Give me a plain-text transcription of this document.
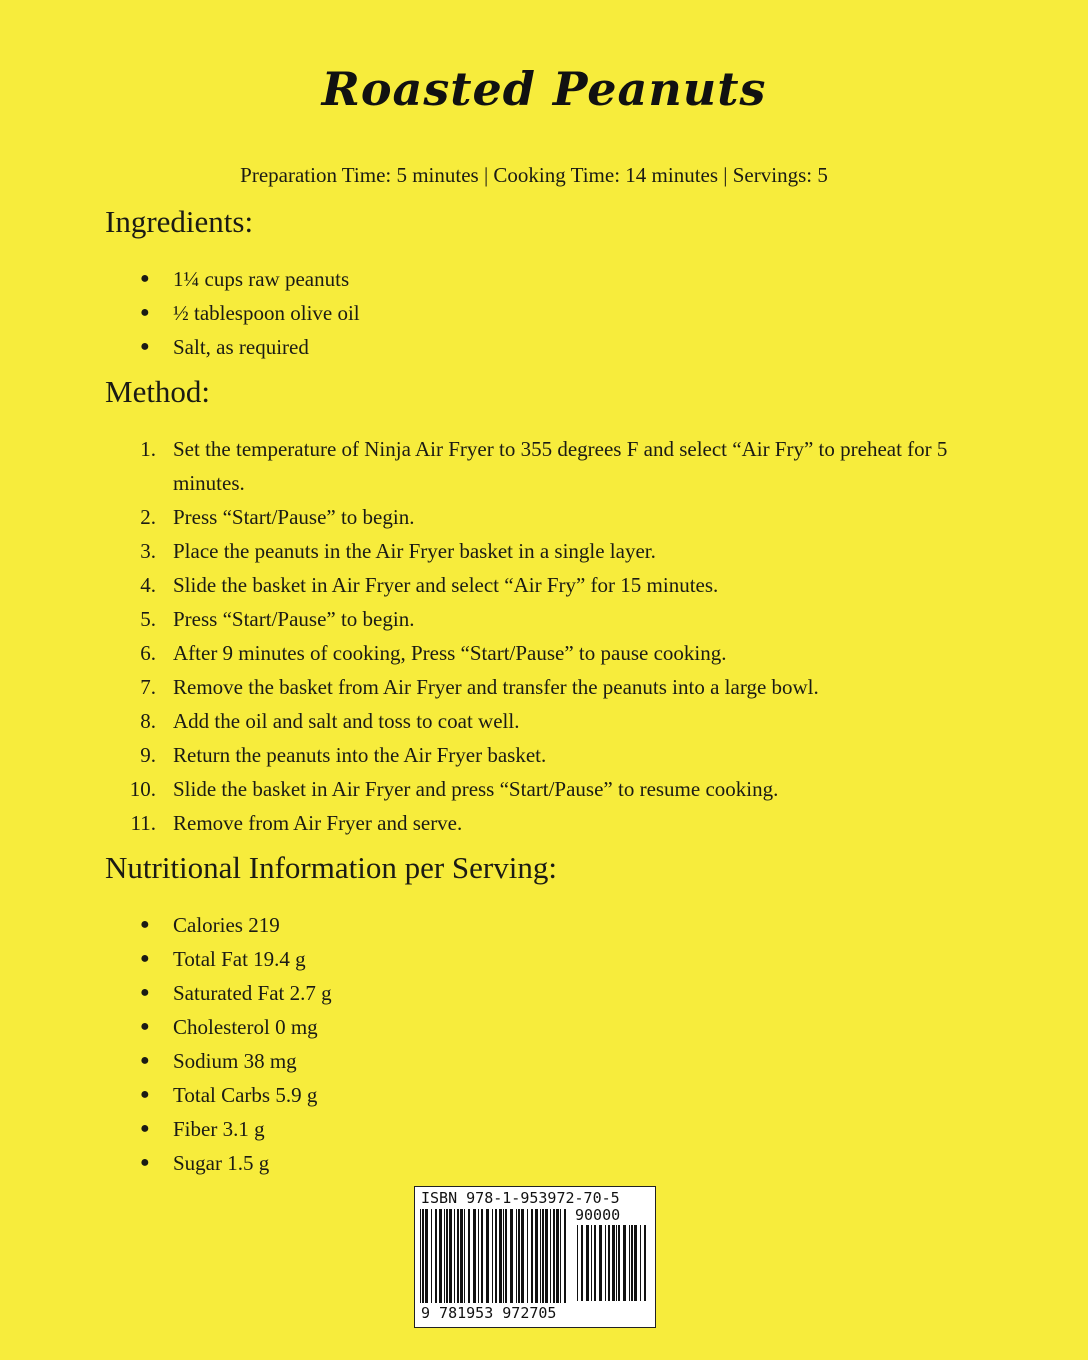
Roasted Peanuts
Preparation Time: 5 minutes | Cooking Time: 14 minutes | Servings: 5
Ingredients:
● 1¼ cups raw peanuts
● ½ tablespoon olive oil
● Salt, as required
Method:
1. Set the temperature of Ninja Air Fryer to 355 degrees F and select “Air Fry” to preheat for 5 minutes.
2. Press “Start/Pause” to begin.
3. Place the peanuts in the Air Fryer basket in a single layer.
4. Slide the basket in Air Fryer and select “Air Fry” for 15 minutes.
5. Press “Start/Pause” to begin.
6. After 9 minutes of cooking, Press “Start/Pause” to pause cooking.
7. Remove the basket from Air Fryer and transfer the peanuts into a large bowl.
8. Add the oil and salt and toss to coat well.
9. Return the peanuts into the Air Fryer basket.
10. Slide the basket in Air Fryer and press “Start/Pause” to resume cooking.
11. Remove from Air Fryer and serve.
Nutritional Information per Serving:
● Calories 219
● Total Fat 19.4 g
● Saturated Fat 2.7 g
● Cholesterol 0 mg
● Sodium 38 mg
● Total Carbs 5.9 g
● Fiber 3.1 g
● Sugar 1.5 g
ISBN 978-1-953972-70-5
90000
9 781953 972705
